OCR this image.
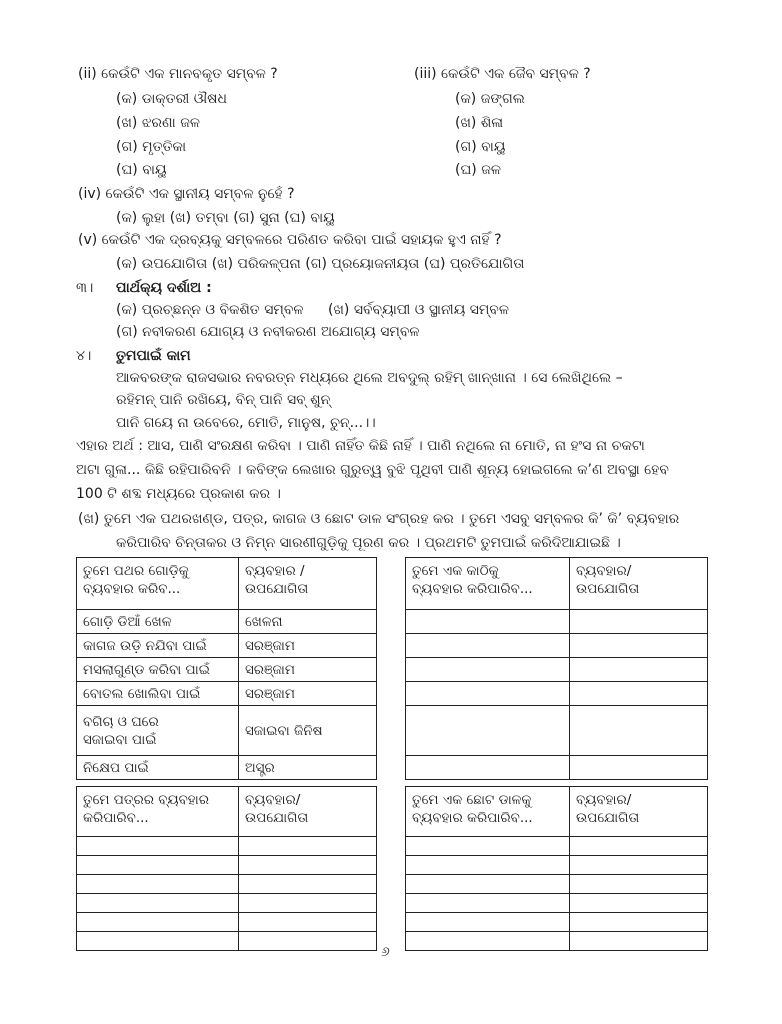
(ii) କେଉଁଟି ଏକ ମାନବକୃତ ସମ୍ବଳ ?
(କ) ଡାକ୍ତରୀ ଔଷଧ
(ଖ) ଝରଣା ଜଳ
(ଗ) ମୃତ୍ତିକା
(ଘ) ବାୟୁ
(iii) କେଉଁଟି ଏକ ଜୈବ ସମ୍ବଳ ?
(କ) ଜଙ୍ଗଲ
(ଖ) ଶିଳା
(ଗ) ବାୟୁ
(ଘ) ଜଳ
(iv) କେଉଁଟି ଏକ ସ୍ଥାନୀୟ ସମ୍ବଳ ନୁହେଁ ?
(କ) ଲୁହା (ଖ) ତମ୍ବା (ଗ) ସୁନା (ଘ) ବାୟୁ
(v) କେଉଁଟି ଏକ ଦ୍ରବ୍ୟକୁ ସମ୍ବଳରେ ପରିଣତ କରିବା ପାଇଁ ସହାୟକ ହୁଏ ନାହିଁ ?
(କ) ଉପଯୋଗିତା (ଖ) ପରିକଳ୍ପନା (ଗ) ପ୍ରୟୋଜନୀୟତା (ଘ) ପ୍ରତିଯୋଗିତା
୩। ପାର୍ଥକ୍ୟ ଦର୍ଶାଅ :
(କ) ପ୍ରଚ୍ଛନ୍ନ ଓ ବିକଶିତ ସମ୍ବଳ (ଖ) ସର୍ବବ୍ୟାପୀ ଓ ସ୍ଥାନୀୟ ସମ୍ବଳ
(ଗ) ନବୀକରଣ ଯୋଗ୍ୟ ଓ ନବୀକରଣ ଅଯୋଗ୍ୟ ସମ୍ବଳ
୪। ତୁମପାଇଁ କାମ
ଆକବରଙ୍କ ରାଜସଭାର ନବରତ୍ନ ମଧ୍ୟରେ ଥିଲେ ଅବଦୁଲ୍ ରହିମ୍ ଖାନ୍‌ଖାନା । ସେ ଲେଖିଥିଲେ –
ରହିମନ୍ ପାନି ରଖିୟେ, ବିନ୍ ପାନି ସବ୍ ଶୁନ୍
ପାନି ଗୟେ ନା ଉବେରେ, ମୋତି, ମାନୁଷ, ଚୁନ୍...।।
ଏହାର ଅର୍ଥ : ଆସ, ପାଣି ସଂରକ୍ଷଣ କରିବା । ପାଣି ନାହିଁତ କିଛି ନାହିଁ । ପାଣି ନଥିଲେ ନା ମୋତି, ନା ହଂସ ନା ଚକଟା
ଅଟା ଗୁଳା... କିଛି ରହିପାରିବନି । କବିଙ୍କ ଲେଖାର ଗୁରୁତ୍ୱ ବୁଝି ପୃଥିବୀ ପାଣି ଶୂନ୍ୟ ହୋଇଗଲେ କ’ଣ ଅବସ୍ଥା ହେବ
100 ଟି ଶବ୍ଦ ମଧ୍ୟରେ ପ୍ରକାଶ କର ।
(ଖ) ତୁମେ ଏକ ପଥରଖଣ୍ଡ, ପତ୍ର, କାଗଜ ଓ ଛୋଟ ଡାଳ ସଂଗ୍ରହ କର । ତୁମେ ଏସବୁ ସମ୍ବଳର କି’ କି’ ବ୍ୟବହାର
କରିପାରିବ ଚିନ୍ତାକର ଓ ନିମ୍ନ ସାରଣୀଗୁଡ଼ିକୁ ପୂରଣ କର । ପ୍ରଥମଟି ତୁମପାଇଁ କରିଦିଆଯାଇଛି ।
ତୁମେ ପଥର ଗୋଡ଼ିକୁ
ବ୍ୟବହାର କରିବ...	ବ୍ୟବହାର /
ଉପଯୋଗିତା
ଗୋଡ଼ି ଡିଆଁ ଖେଳ	ଖେଳନା
କାଗଜ ଉଡ଼ି ନଯିବା ପାଇଁ	ସରଞ୍ଜାମ
ମସଲାଗୁଣ୍ଡ କରିବା ପାଇଁ	ସରଞ୍ଜାମ
ବୋତଲ ଖୋଲିବା ପାଇଁ	ସରଞ୍ଜାମ
ବଗିଚା ଓ ଘରେ
ସଜାଇବା ପାଇଁ	ସଜାଇବା ଜିନିଷ
ନିକ୍ଷେପ ପାଇଁ	ଅସ୍ତ୍ର
ତୁମେ ଏକ କାଠିକୁ
ବ୍ୟବହାର କରିପାରିବ...	ବ୍ୟବହାର/
ଉପଯୋଗିତା

ତୁମେ ପତ୍ରର ବ୍ୟବହାର
କରିପାରିବ...	ବ୍ୟବହାର/
ଉପଯୋଗିତା

ତୁମେ ଏକ ଛୋଟ ଡାଳକୁ
ବ୍ୟବହାର କରିପାରିବ...	ବ୍ୟବହାର/
ଉପଯୋଗିତା

୬
